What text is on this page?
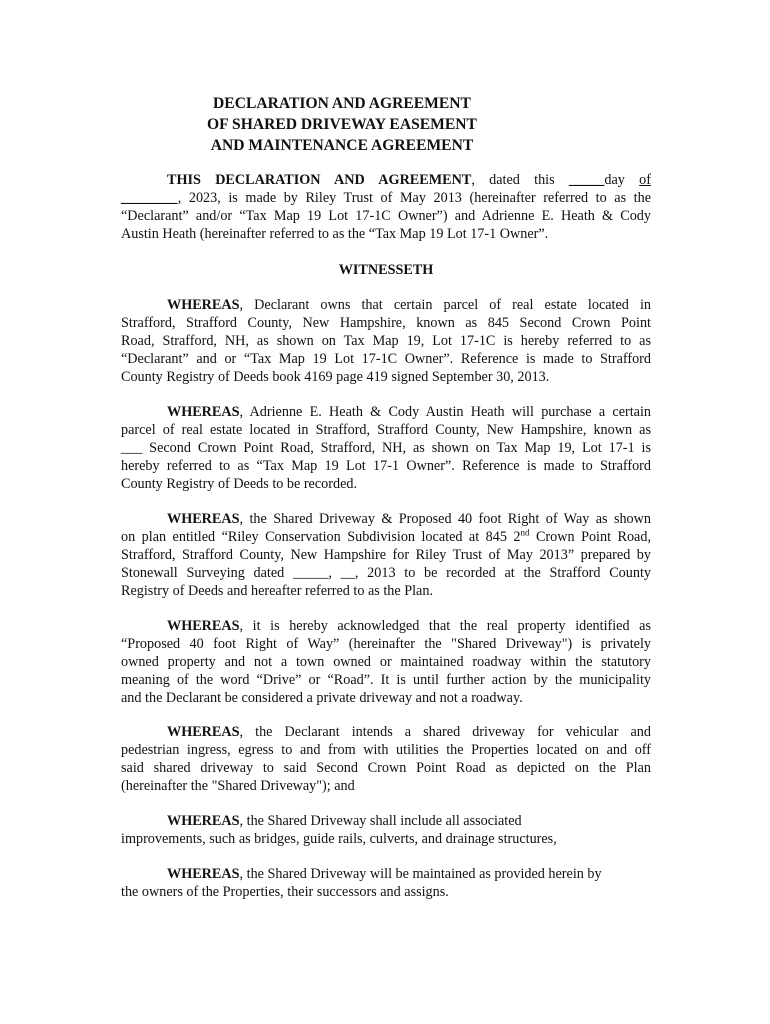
DECLARATION AND AGREEMENT
OF SHARED DRIVEWAY EASEMENT
AND MAINTENANCE AGREEMENT
THIS DECLARATION AND AGREEMENT, dated this _____day of
________, 2023, is made by Riley Trust of May 2013 (hereinafter referred to as the
“Declarant” and/or “Tax Map 19 Lot 17-1C Owner”) and Adrienne E. Heath & Cody
Austin Heath (hereinafter referred to as the “Tax Map 19 Lot 17-1 Owner”.
WITNESSETH
WHEREAS, Declarant owns that certain parcel of real estate located in
Strafford, Strafford County, New Hampshire, known as 845 Second Crown Point
Road, Strafford, NH, as shown on Tax Map 19, Lot 17-1C is hereby referred to as
“Declarant” and or “Tax Map 19 Lot 17-1C Owner”. Reference is made to Strafford
County Registry of Deeds book 4169 page 419 signed September 30, 2013.
WHEREAS, Adrienne E. Heath & Cody Austin Heath will purchase a certain
parcel of real estate located in Strafford, Strafford County, New Hampshire, known as
___ Second Crown Point Road, Strafford, NH, as shown on Tax Map 19, Lot 17-1 is
hereby referred to as “Tax Map 19 Lot 17-1 Owner”. Reference is made to Strafford
County Registry of Deeds to be recorded.
WHEREAS, the Shared Driveway & Proposed 40 foot Right of Way as shown
on plan entitled “Riley Conservation Subdivision located at 845 2nd Crown Point Road,
Strafford, Strafford County, New Hampshire for Riley Trust of May 2013” prepared by
Stonewall Surveying dated _____, __, 2013 to be recorded at the Strafford County
Registry of Deeds and hereafter referred to as the Plan.
WHEREAS, it is hereby acknowledged that the real property identified as
“Proposed 40 foot Right of Way” (hereinafter the "Shared Driveway") is privately
owned property and not a town owned or maintained roadway within the statutory
meaning of the word “Drive” or “Road”. It is until further action by the municipality
and the Declarant be considered a private driveway and not a roadway.
WHEREAS, the Declarant intends a shared driveway for vehicular and
pedestrian ingress, egress to and from with utilities the Properties located on and off
said shared driveway to said Second Crown Point Road as depicted on the Plan
(hereinafter the "Shared Driveway"); and
WHEREAS, the Shared Driveway shall include all associated
improvements, such as bridges, guide rails, culverts, and drainage structures,
WHEREAS, the Shared Driveway will be maintained as provided herein by
the owners of the Properties, their successors and assigns.
